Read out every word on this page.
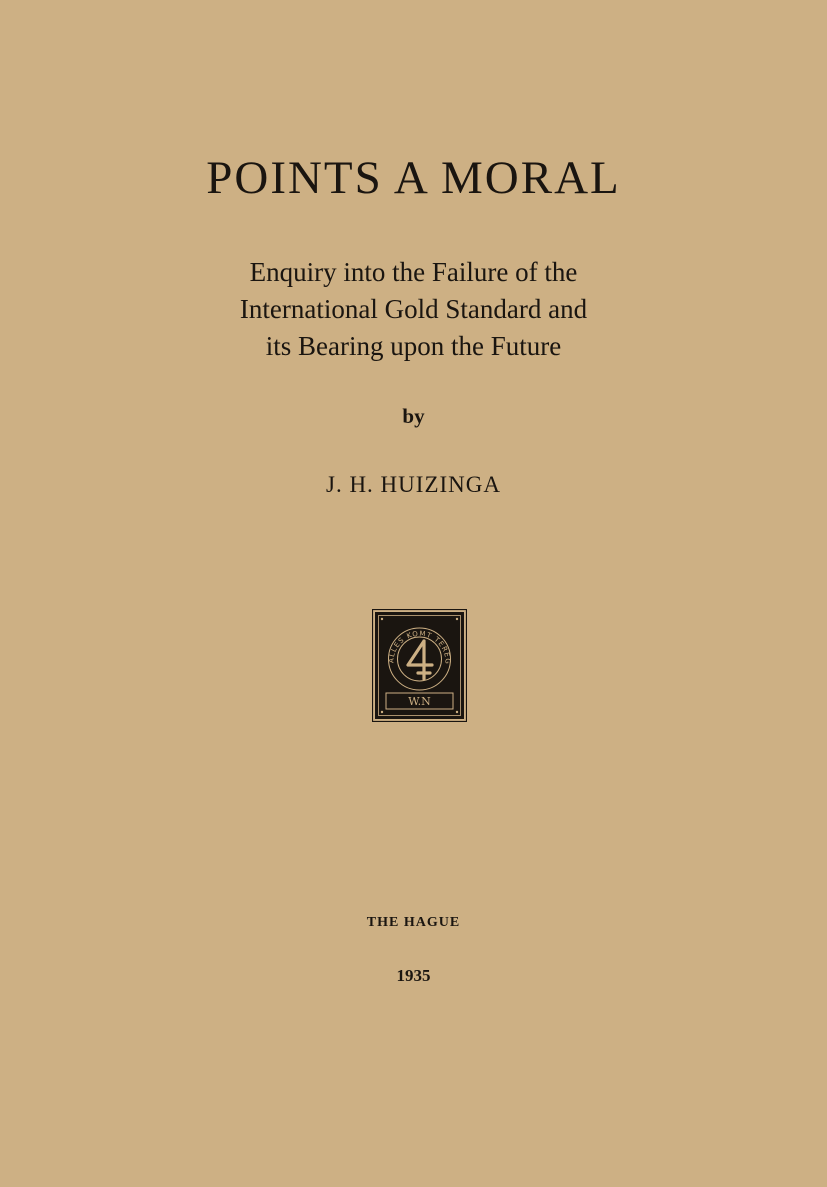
POINTS A MORAL
Enquiry into the Failure of the
International Gold Standard and
its Bearing upon the Future
by
J. H. HUIZINGA
ALLES KOMT TEREG
W.N
THE HAGUE
1935
